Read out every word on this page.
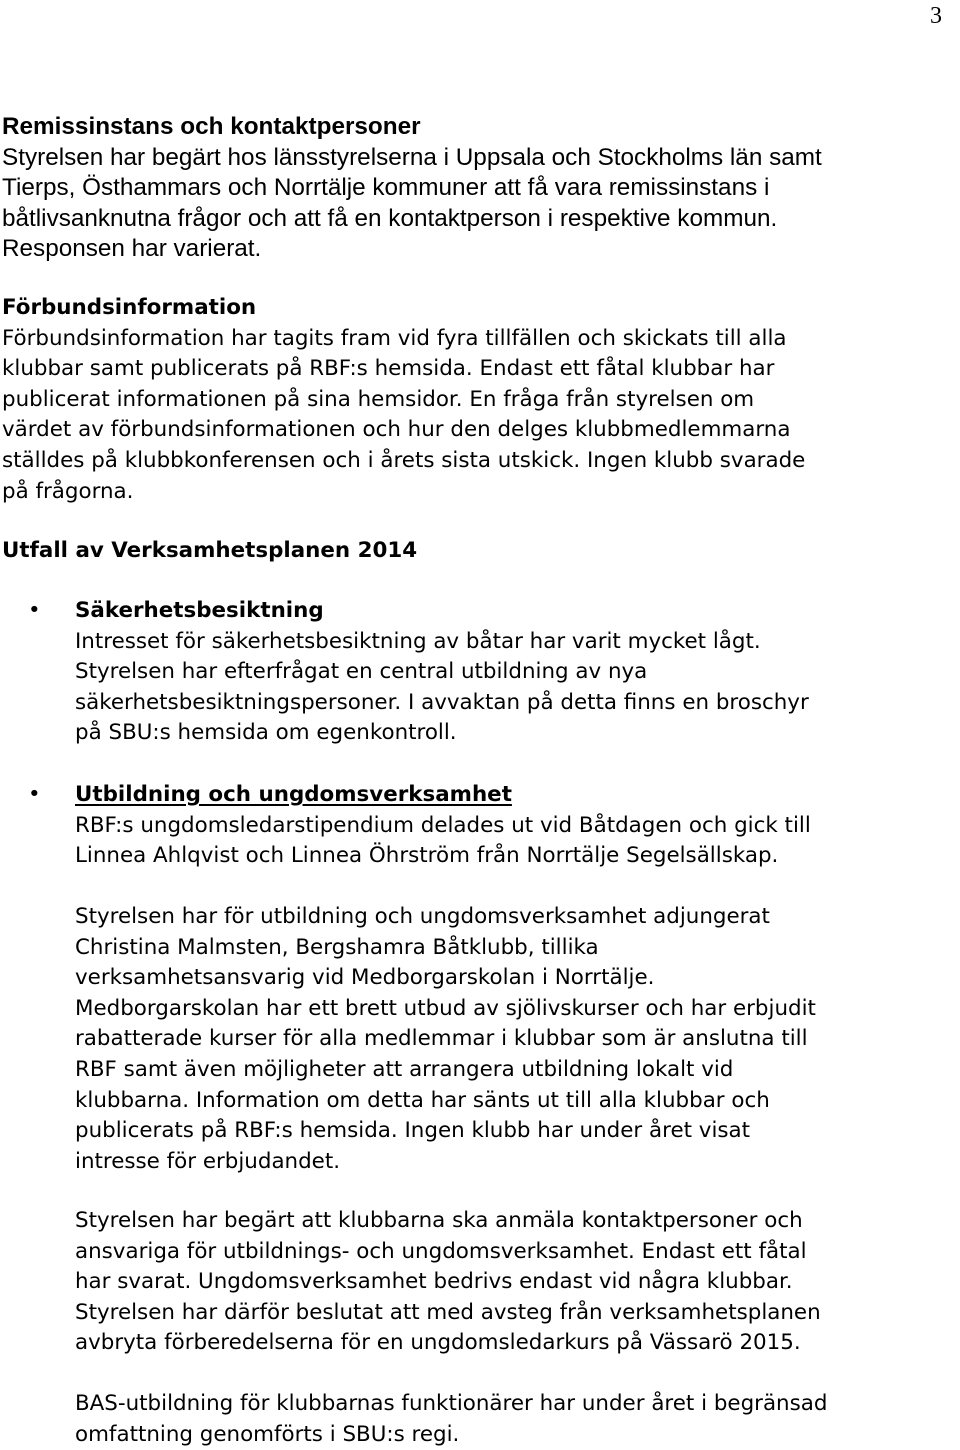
3
Remissinstans och kontaktpersoner
Styrelsen har begärt hos länsstyrelserna i Uppsala och Stockholms län samt
Tierps, Östhammars och Norrtälje kommuner att få vara remissinstans i
båtlivsanknutna frågor och att få en kontaktperson i respektive kommun.
Responsen har varierat.
Förbundsinformation
Förbundsinformation har tagits fram vid fyra tillfällen och skickats till alla
klubbar samt publicerats på RBF:s hemsida. Endast ett fåtal klubbar har
publicerat informationen på sina hemsidor. En fråga från styrelsen om
värdet av förbundsinformationen och hur den delges klubbmedlemmarna
ställdes på klubbkonferensen och i årets sista utskick. Ingen klubb svarade
på frågorna.
Utfall av Verksamhetsplanen 2014
• Säkerhetsbesiktning
Intresset för säkerhetsbesiktning av båtar har varit mycket lågt.
Styrelsen har efterfrågat en central utbildning av nya
säkerhetsbesiktningspersoner. I avvaktan på detta finns en broschyr
på SBU:s hemsida om egenkontroll.
• Utbildning och ungdomsverksamhet
RBF:s ungdomsledarstipendium delades ut vid Båtdagen och gick till
Linnea Ahlqvist och Linnea Öhrström från Norrtälje Segelsällskap.
Styrelsen har för utbildning och ungdomsverksamhet adjungerat
Christina Malmsten, Bergshamra Båtklubb, tillika
verksamhetsansvarig vid Medborgarskolan i Norrtälje.
Medborgarskolan har ett brett utbud av sjölivskurser och har erbjudit
rabatterade kurser för alla medlemmar i klubbar som är anslutna till
RBF samt även möjligheter att arrangera utbildning lokalt vid
klubbarna. Information om detta har sänts ut till alla klubbar och
publicerats på RBF:s hemsida. Ingen klubb har under året visat
intresse för erbjudandet.
Styrelsen har begärt att klubbarna ska anmäla kontaktpersoner och
ansvariga för utbildnings- och ungdomsverksamhet. Endast ett fåtal
har svarat. Ungdomsverksamhet bedrivs endast vid några klubbar.
Styrelsen har därför beslutat att med avsteg från verksamhetsplanen
avbryta förberedelserna för en ungdomsledarkurs på Vässarö 2015.
BAS-utbildning för klubbarnas funktionärer har under året i begränsad
omfattning genomförts i SBU:s regi.
